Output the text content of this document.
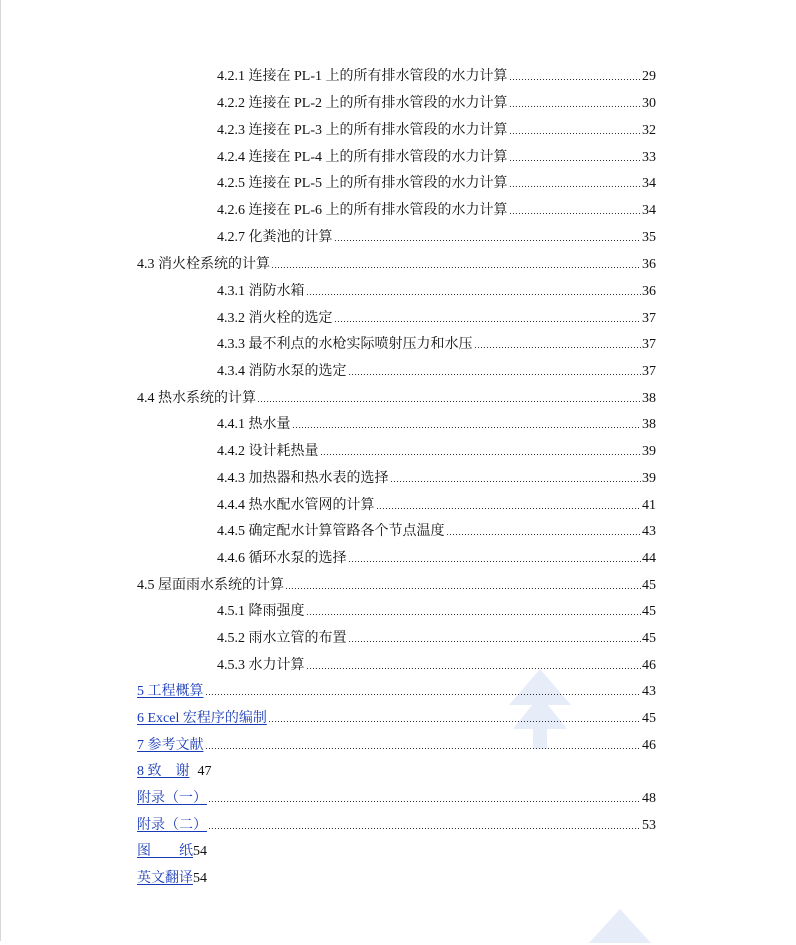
4.2.1 连接在 PL-1 上的所有排水管段的水力计算	29
4.2.2 连接在 PL-2 上的所有排水管段的水力计算	30
4.2.3 连接在 PL-3 上的所有排水管段的水力计算	32
4.2.4 连接在 PL-4 上的所有排水管段的水力计算	33
4.2.5 连接在 PL-5 上的所有排水管段的水力计算	34
4.2.6 连接在 PL-6 上的所有排水管段的水力计算	34
4.2.7 化粪池的计算	35
4.3 消火栓系统的计算	36
4.3.1 消防水箱	36
4.3.2 消火栓的选定	37
4.3.3 最不利点的水枪实际喷射压力和水压	37
4.3.4 消防水泵的选定	37
4.4 热水系统的计算	38
4.4.1 热水量	38
4.4.2 设计耗热量	39
4.4.3 加热器和热水表的选择	39
4.4.4 热水配水管网的计算	41
4.4.5 确定配水计算管路各个节点温度	43
4.4.6 循环水泵的选择	44
4.5 屋面雨水系统的计算	45
4.5.1 降雨强度	45
4.5.2 雨水立管的布置	45
4.5.3 水力计算	46
5 工程概算	43
6 Excel 宏程序的编制	45
7 参考文献	46
8 致　谢 47
附录（一）	48
附录（二）	53
图　　纸 54
英文翻译 54
